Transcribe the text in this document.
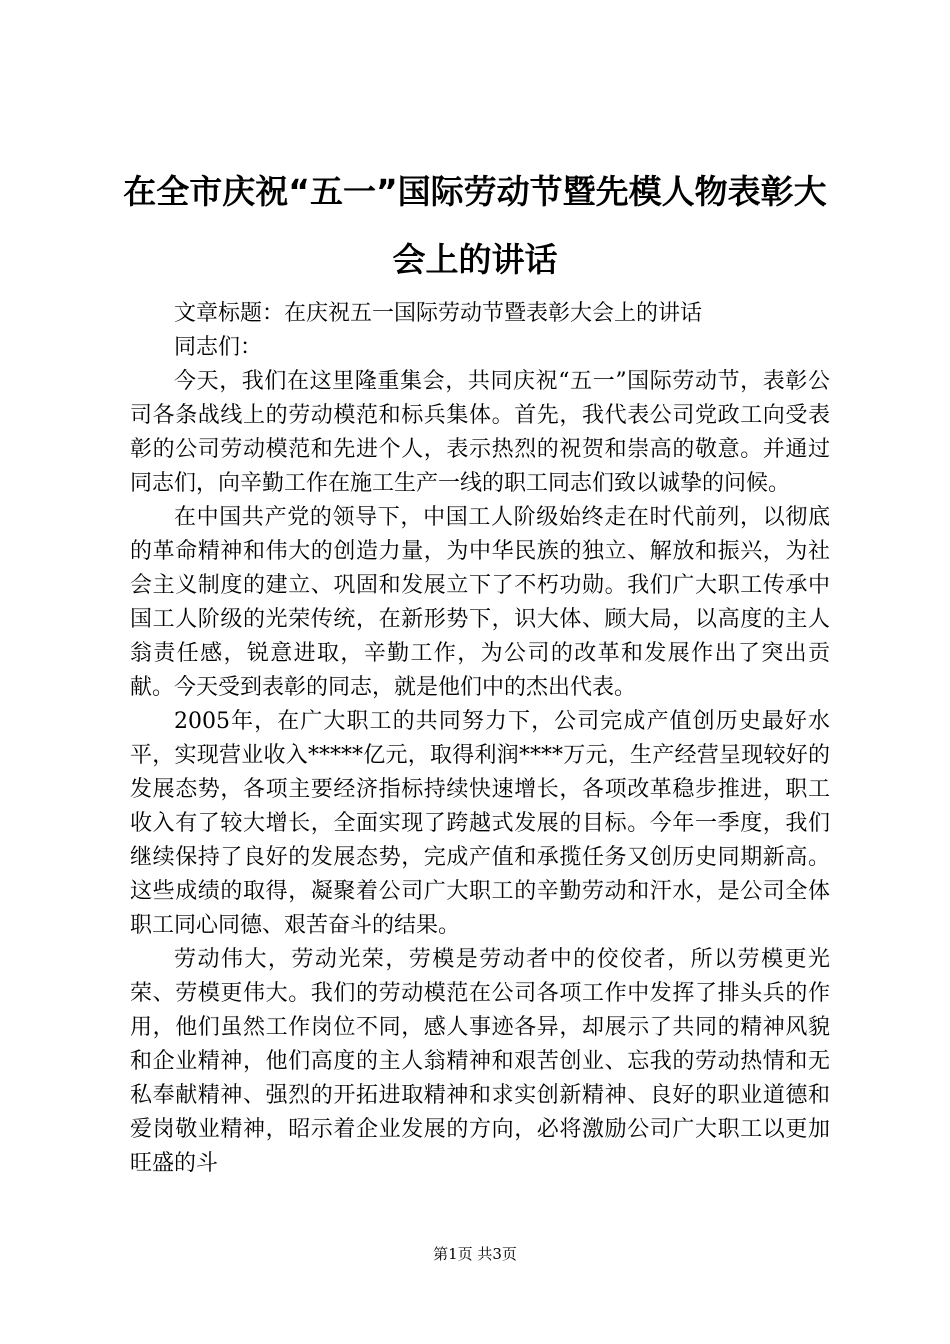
在全市庆祝“五一”国际劳动节暨先模人物表彰大会上的讲话

文章标题：在庆祝五一国际劳动节暨表彰大会上的讲话

同志们：

今天，我们在这里隆重集会，共同庆祝“五一”国际劳动节，表彰公司各条战线上的劳动模范和标兵集体。首先，我代表公司党政工向受表彰的公司劳动模范和先进个人，表示热烈的祝贺和崇高的敬意。并通过同志们，向辛勤工作在施工生产一线的职工同志们致以诚挚的问候。

在中国共产党的领导下，中国工人阶级始终走在时代前列，以彻底的革命精神和伟大的创造力量，为中华民族的独立、解放和振兴，为社会主义制度的建立、巩固和发展立下了不朽功勋。我们广大职工传承中国工人阶级的光荣传统，在新形势下，识大体、顾大局，以高度的主人翁责任感，锐意进取，辛勤工作，为公司的改革和发展作出了突出贡献。今天受到表彰的同志，就是他们中的杰出代表。

2005年，在广大职工的共同努力下，公司完成产值创历史最好水平，实现营业收入*****亿元，取得利润****万元，生产经营呈现较好的发展态势，各项主要经济指标持续快速增长，各项改革稳步推进，职工收入有了较大增长，全面实现了跨越式发展的目标。今年一季度，我们继续保持了良好的发展态势，完成产值和承揽任务又创历史同期新高。这些成绩的取得，凝聚着公司广大职工的辛勤劳动和汗水，是公司全体职工同心同德、艰苦奋斗的结果。

劳动伟大，劳动光荣，劳模是劳动者中的佼佼者，所以劳模更光荣、劳模更伟大。我们的劳动模范在公司各项工作中发挥了排头兵的作用，他们虽然工作岗位不同，感人事迹各异，却展示了共同的精神风貌和企业精神，他们高度的主人翁精神和艰苦创业、忘我的劳动热情和无私奉献精神、强烈的开拓进取精神和求实创新精神、良好的职业道德和爱岗敬业精神，昭示着企业发展的方向，必将激励公司广大职工以更加旺盛的斗

第1页 共3页
